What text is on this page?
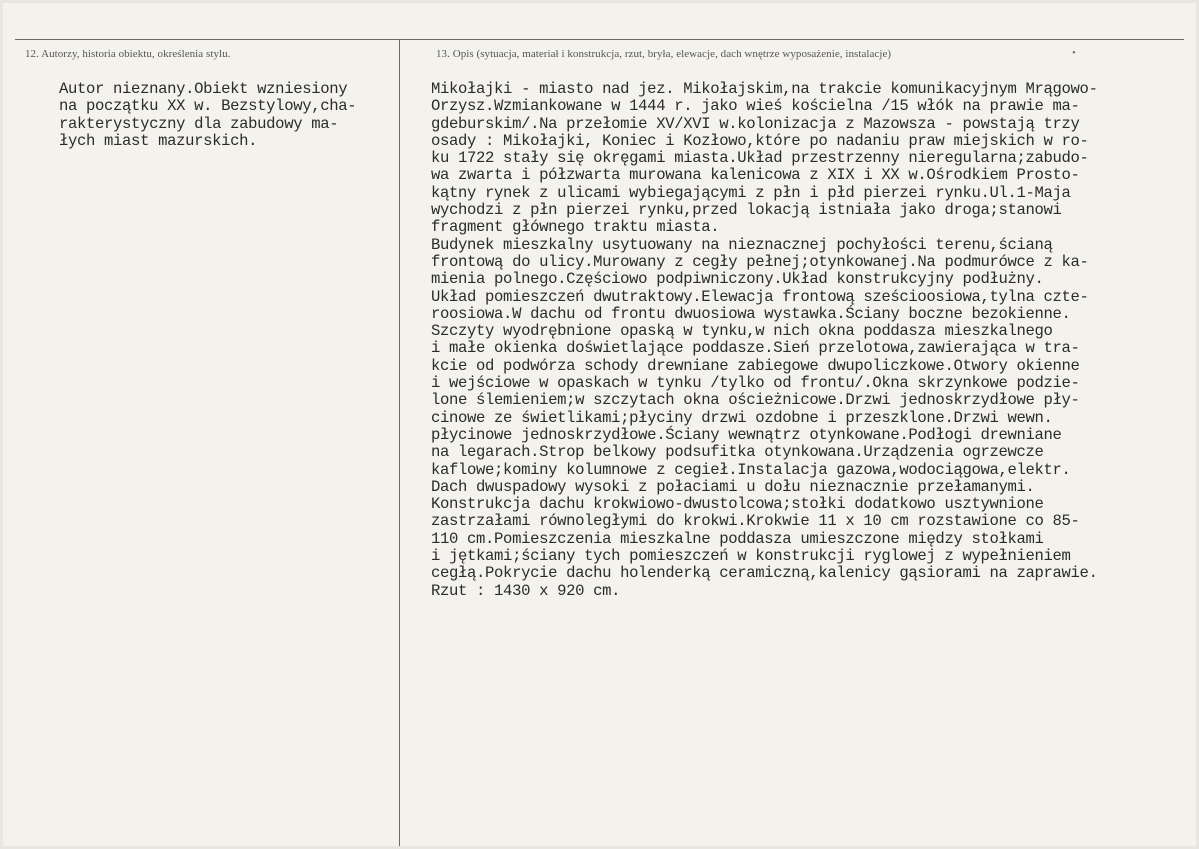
12. Autorzy, historia obiektu, określenia stylu.	13. Opis (sytuacja, materiał i konstrukcja, rzut, bryła, elewacje, dach wnętrze wyposażenie, instalacje)	•
Autor nieznany.Obiekt wzniesiony
na początku XX w. Bezstylowy,cha-
rakterystyczny dla zabudowy ma-
łych miast mazurskich.
Mikołajki - miasto nad jez. Mikołajskim,na trakcie komunikacyjnym Mrągowo-
Orzysz.Wzmiankowane w 1444 r. jako wieś kościelna /15 włók na prawie ma-
gdeburskim/.Na przełomie XV/XVI w.kolonizacja z Mazowsza - powstają trzy
osady : Mikołajki, Koniec i Kozłowo,które po nadaniu praw miejskich w ro-
ku 1722 stały się okręgami miasta.Układ przestrzenny nieregularna;zabudo-
wa zwarta i półzwarta murowana kalenicowa z XIX i XX w.Ośrodkiem Prosto-
kątny rynek z ulicami wybiegającymi z płn i płd pierzei rynku.Ul.1-Maja
wychodzi z płn pierzei rynku,przed lokacją istniała jako droga;stanowi
fragment głównego traktu miasta.
Budynek mieszkalny usytuowany na nieznacznej pochyłości terenu,ścianą
frontową do ulicy.Murowany z cegły pełnej;otynkowanej.Na podmurówce z ka-
mienia polnego.Częściowo podpiwniczony.Układ konstrukcyjny podłużny.
Układ pomieszczeń dwutraktowy.Elewacja frontową sześcioosiowa,tylna czte-
roosiowa.W dachu od frontu dwuosiowa wystawka.Ściany boczne bezokienne.
Szczyty wyodrębnione opaską w tynku,w nich okna poddasza mieszkalnego
i małe okienka doświetlające poddasze.Sień przelotowa,zawierająca w tra-
kcie od podwórza schody drewniane zabiegowe dwupoliczkowe.Otwory okienne
i wejściowe w opaskach w tynku /tylko od frontu/.Okna skrzynkowe podzie-
lone ślemieniem;w szczytach okna ościeżnicowe.Drzwi jednoskrzydłowe pły-
cinowe ze świetlikami;płyciny drzwi ozdobne i przeszklone.Drzwi wewn.
płycinowe jednoskrzydłowe.Ściany wewnątrz otynkowane.Podłogi drewniane
na legarach.Strop belkowy podsufitka otynkowana.Urządzenia ogrzewcze
kaflowe;kominy kolumnowe z cegieł.Instalacja gazowa,wodociągowa,elektr.
Dach dwuspadowy wysoki z połaciami u dołu nieznacznie przełamanymi.
Konstrukcja dachu krokwiowo-dwustolcowa;stołki dodatkowo usztywnione
zastrzałami równoległymi do krokwi.Krokwie 11 x 10 cm rozstawione co 85-
110 cm.Pomieszczenia mieszkalne poddasza umieszczone między stołkami
i jętkami;ściany tych pomieszczeń w konstrukcji ryglowej z wypełnieniem
cegłą.Pokrycie dachu holenderką ceramiczną,kalenicy gąsiorami na zaprawie.
Rzut : 1430 x 920 cm.
